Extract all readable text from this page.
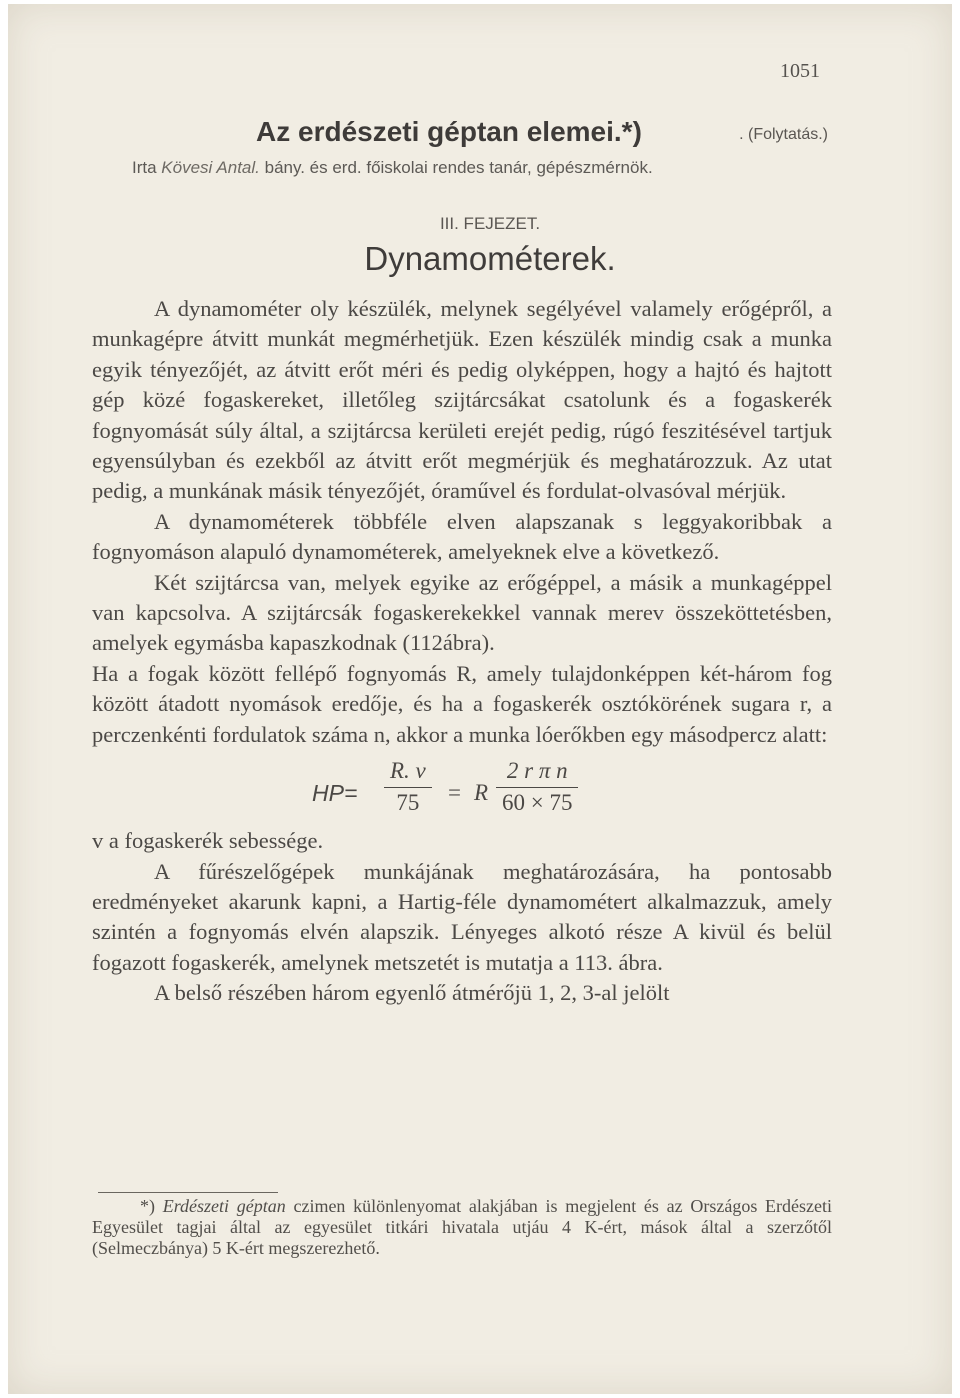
1051
Az erdészeti géptan elemei.*)	. (Folytatás.)
Irta Kövesi Antal. bány. és erd. főiskolai rendes tanár, gépészmérnök.
III. FEJEZET.
Dynamométerek.

A dynamométer oly készülék, melynek segélyével valamely erőgépről, a munkagépre átvitt munkát megmérhetjük. Ezen készülék mindig csak a munka egyik tényezőjét, az átvitt erőt méri és pedig olyképpen, hogy a hajtó és hajtott gép közé fogaskereket, illetőleg szijtárcsákat csatolunk és a fogaskerék fognyomását súly által, a szijtárcsa kerületi erejét pedig, rúgó feszitésével tartjuk egyensúlyban és ezekből az átvitt erőt megmérjük és meghatározzuk. Az utat pedig, a munkának másik tényezőjét, óraművel és fordulat-olvasóval mérjük.

A dynamométerek többféle elven alapszanak s leggyakoribbak a fognyomáson alapuló dynamométerek, amelyeknek elve a következő.

Két szijtárcsa van, melyek egyike az erőgéppel, a másik a munkagéppel van kapcsolva. A szijtárcsák fogaskerekekkel vannak merev összeköttetésben, amelyek egymásba kapaszkodnak (112ábra).

Ha a fogak között fellépő fognyomás R, amely tulajdonképpen két-három fog között átadott nyomások eredője, és ha a fogaskerék osztókörének sugara r, a perczenkénti fordulatok száma n, akkor a munka lóerőkben egy másodpercz alatt:

$HP= \frac{R. v}{75} = R \frac{\text{2 r π n}}{60 \times 75}$

v a fogaskerék sebessége.

A fűrészelőgépek munkájának meghatározására, ha pontosabb eredményeket akarunk kapni, a Hartig-féle dynamométert alkalmazzuk, amely szintén a fognyomás elvén alapszik. Lényeges alkotó része A kivül és belül fogazott fogaskerék, amelynek metszetét is mutatja a 113. ábra.

A belső részében három egyenlő átmérőjü 1, 2, 3-al jelölt

*) Erdészeti géptan czimen különlenyomat alakjában is megjelent és az Országos Erdészeti Egyesület tagjai által az egyesület titkári hivatala utjáu 4 K-ért, mások által a szerzőtől (Selmeczbánya) 5 K-ért megszerezhető.
